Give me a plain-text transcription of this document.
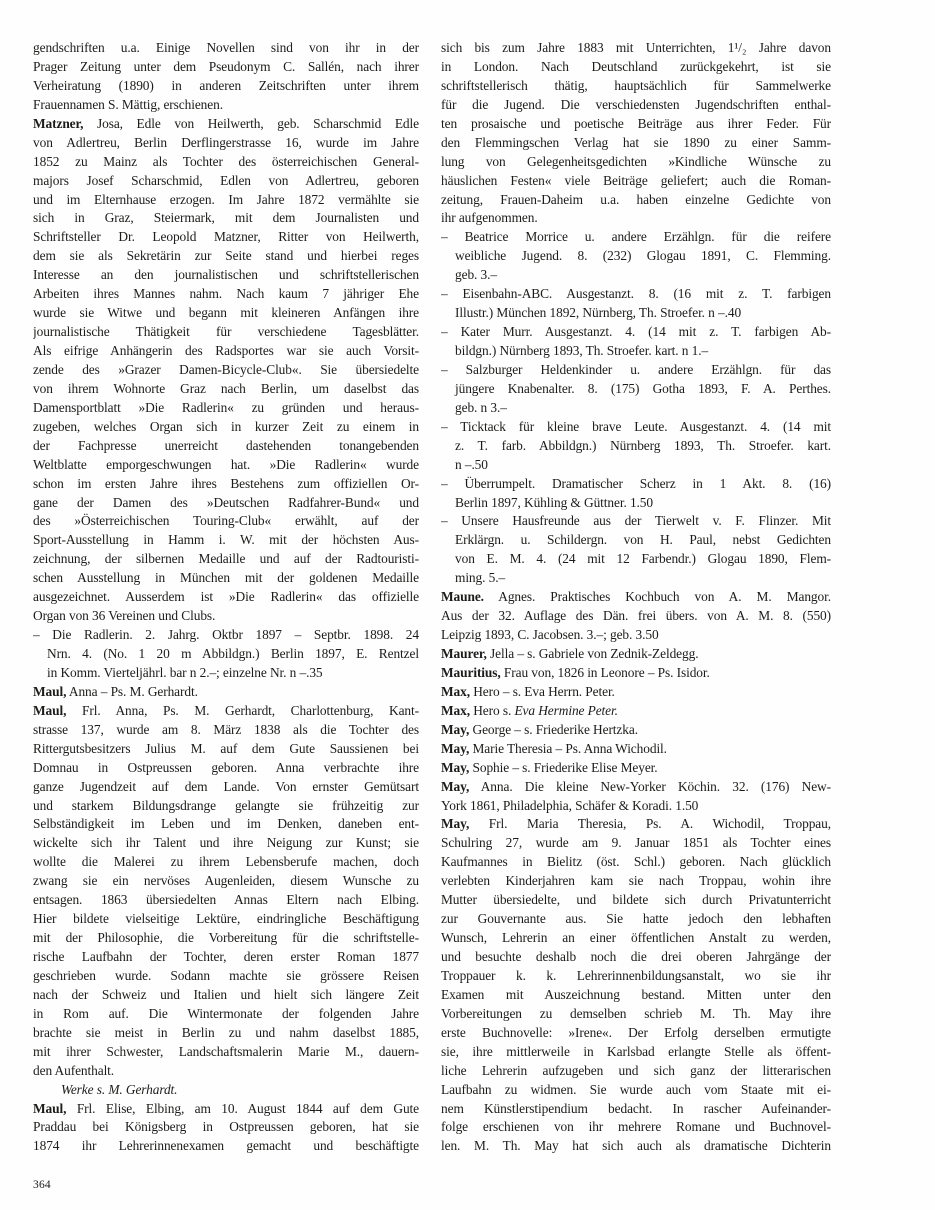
gendschriften u.a. Einige Novellen sind von ihr in der
Prager Zeitung unter dem Pseudonym C. Sallén, nach ihrer
Verheiratung (1890) in anderen Zeitschriften unter ihrem
Frauennamen S. Mättig, erschienen.
Matzner, Josa, Edle von Heilwerth, geb. Scharschmid Edle
von Adlertreu, Berlin Derflingerstrasse 16, wurde im Jahre
1852 zu Mainz als Tochter des österreichischen General-
majors Josef Scharschmid, Edlen von Adlertreu, geboren
und im Elternhause erzogen. Im Jahre 1872 vermählte sie
sich in Graz, Steiermark, mit dem Journalisten und
Schriftsteller Dr. Leopold Matzner, Ritter von Heilwerth,
dem sie als Sekretärin zur Seite stand und hierbei reges
Interesse an den journalistischen und schriftstellerischen
Arbeiten ihres Mannes nahm. Nach kaum 7 jähriger Ehe
wurde sie Witwe und begann mit kleineren Anfängen ihre
journalistische Thätigkeit für verschiedene Tagesblätter.
Als eifrige Anhängerin des Radsportes war sie auch Vorsit-
zende des »Grazer Damen-Bicycle-Club«. Sie übersiedelte
von ihrem Wohnorte Graz nach Berlin, um daselbst das
Damensportblatt »Die Radlerin« zu gründen und heraus-
zugeben, welches Organ sich in kurzer Zeit zu einem in
der Fachpresse unerreicht dastehenden tonangebenden
Weltblatte emporgeschwungen hat. »Die Radlerin« wurde
schon im ersten Jahre ihres Bestehens zum offiziellen Or-
gane der Damen des »Deutschen Radfahrer-Bund« und
des »Österreichischen Touring-Club« erwählt, auf der
Sport-Ausstellung in Hamm i. W. mit der höchsten Aus-
zeichnung, der silbernen Medaille und auf der Radtouristi-
schen Ausstellung in München mit der goldenen Medaille
ausgezeichnet. Ausserdem ist »Die Radlerin« das offizielle
Organ von 36 Vereinen und Clubs.
– Die Radlerin. 2. Jahrg. Oktbr 1897 – Septbr. 1898. 24
Nrn. 4. (No. 1 20 m Abbildgn.) Berlin 1897, E. Rentzel
in Komm. Vierteljährl. bar n 2.–; einzelne Nr. n –.35
Maul, Anna – Ps. M. Gerhardt.
Maul, Frl. Anna, Ps. M. Gerhardt, Charlottenburg, Kant-
strasse 137, wurde am 8. März 1838 als die Tochter des
Rittergutsbesitzers Julius M. auf dem Gute Saussienen bei
Domnau in Ostpreussen geboren. Anna verbrachte ihre
ganze Jugendzeit auf dem Lande. Von ernster Gemütsart
und starkem Bildungsdrange gelangte sie frühzeitig zur
Selbständigkeit im Leben und im Denken, daneben ent-
wickelte sich ihr Talent und ihre Neigung zur Kunst; sie
wollte die Malerei zu ihrem Lebensberufe machen, doch
zwang sie ein nervöses Augenleiden, diesem Wunsche zu
entsagen. 1863 übersiedelten Annas Eltern nach Elbing.
Hier bildete vielseitige Lektüre, eindringliche Beschäftigung
mit der Philosophie, die Vorbereitung für die schriftstelle-
rische Laufbahn der Tochter, deren erster Roman 1877
geschrieben wurde. Sodann machte sie grössere Reisen
nach der Schweiz und Italien und hielt sich längere Zeit
in Rom auf. Die Wintermonate der folgenden Jahre
brachte sie meist in Berlin zu und nahm daselbst 1885,
mit ihrer Schwester, Landschaftsmalerin Marie M., dauern-
den Aufenthalt.
Werke s. M. Gerhardt.
Maul, Frl. Elise, Elbing, am 10. August 1844 auf dem Gute
Praddau bei Königsberg in Ostpreussen geboren, hat sie
1874 ihr Lehrerinnenexamen gemacht und beschäftigte
sich bis zum Jahre 1883 mit Unterrichten, 1¹/₂ Jahre davon
in London. Nach Deutschland zurückgekehrt, ist sie
schriftstellerisch thätig, hauptsächlich für Sammelwerke
für die Jugend. Die verschiedensten Jugendschriften enthal-
ten prosaische und poetische Beiträge aus ihrer Feder. Für
den Flemmingschen Verlag hat sie 1890 zu einer Samm-
lung von Gelegenheitsgedichten »Kindliche Wünsche zu
häuslichen Festen« viele Beiträge geliefert; auch die Roman-
zeitung, Frauen-Daheim u.a. haben einzelne Gedichte von
ihr aufgenommen.
– Beatrice Morrice u. andere Erzählgn. für die reifere
weibliche Jugend. 8. (232) Glogau 1891, C. Flemming.
geb. 3.–
– Eisenbahn-ABC. Ausgestanzt. 8. (16 mit z. T. farbigen
Illustr.) München 1892, Nürnberg, Th. Stroefer. n –.40
– Kater Murr. Ausgestanzt. 4. (14 mit z. T. farbigen Ab-
bildgn.) Nürnberg 1893, Th. Stroefer. kart. n 1.–
– Salzburger Heldenkinder u. andere Erzählgn. für das
jüngere Knabenalter. 8. (175) Gotha 1893, F. A. Perthes.
geb. n 3.–
– Ticktack für kleine brave Leute. Ausgestanzt. 4. (14 mit
z. T. farb. Abbildgn.) Nürnberg 1893, Th. Stroefer. kart.
n –.50
– Überrumpelt. Dramatischer Scherz in 1 Akt. 8. (16)
Berlin 1897, Kühling & Güttner. 1.50
– Unsere Hausfreunde aus der Tierwelt v. F. Flinzer. Mit
Erklärgn. u. Schildergn. von H. Paul, nebst Gedichten
von E. M. 4. (24 mit 12 Farbendr.) Glogau 1890, Flem-
ming. 5.–
Maune. Agnes. Praktisches Kochbuch von A. M. Mangor.
Aus der 32. Auflage des Dän. frei übers. von A. M. 8. (550)
Leipzig 1893, C. Jacobsen. 3.–; geb. 3.50
Maurer, Jella – s. Gabriele von Zednik-Zeldegg.
Mauritius, Frau von, 1826 in Leonore – Ps. Isidor.
Max, Hero – s. Eva Herrn. Peter.
Max, Hero s. Eva Hermine Peter.
May, George – s. Friederike Hertzka.
May, Marie Theresia – Ps. Anna Wichodil.
May, Sophie – s. Friederike Elise Meyer.
May, Anna. Die kleine New-Yorker Köchin. 32. (176) New-
York 1861, Philadelphia, Schäfer & Koradi. 1.50
May, Frl. Maria Theresia, Ps. A. Wichodil, Troppau,
Schulring 27, wurde am 9. Januar 1851 als Tochter eines
Kaufmannes in Bielitz (öst. Schl.) geboren. Nach glücklich
verlebten Kinderjahren kam sie nach Troppau, wohin ihre
Mutter übersiedelte, und bildete sich durch Privatunterricht
zur Gouvernante aus. Sie hatte jedoch den lebhaften
Wunsch, Lehrerin an einer öffentlichen Anstalt zu werden,
und besuchte deshalb noch die drei oberen Jahrgänge der
Troppauer k. k. Lehrerinnenbildungsanstalt, wo sie ihr
Examen mit Auszeichnung bestand. Mitten unter den
Vorbereitungen zu demselben schrieb M. Th. May ihre
erste Buchnovelle: »Irene«. Der Erfolg derselben ermutigte
sie, ihre mittlerweile in Karlsbad erlangte Stelle als öffent-
liche Lehrerin aufzugeben und sich ganz der litterarischen
Laufbahn zu widmen. Sie wurde auch vom Staate mit ei-
nem Künstlerstipendium bedacht. In rascher Aufeinander-
folge erschienen von ihr mehrere Romane und Buchnovel-
len. M. Th. May hat sich auch als dramatische Dichterin
364
